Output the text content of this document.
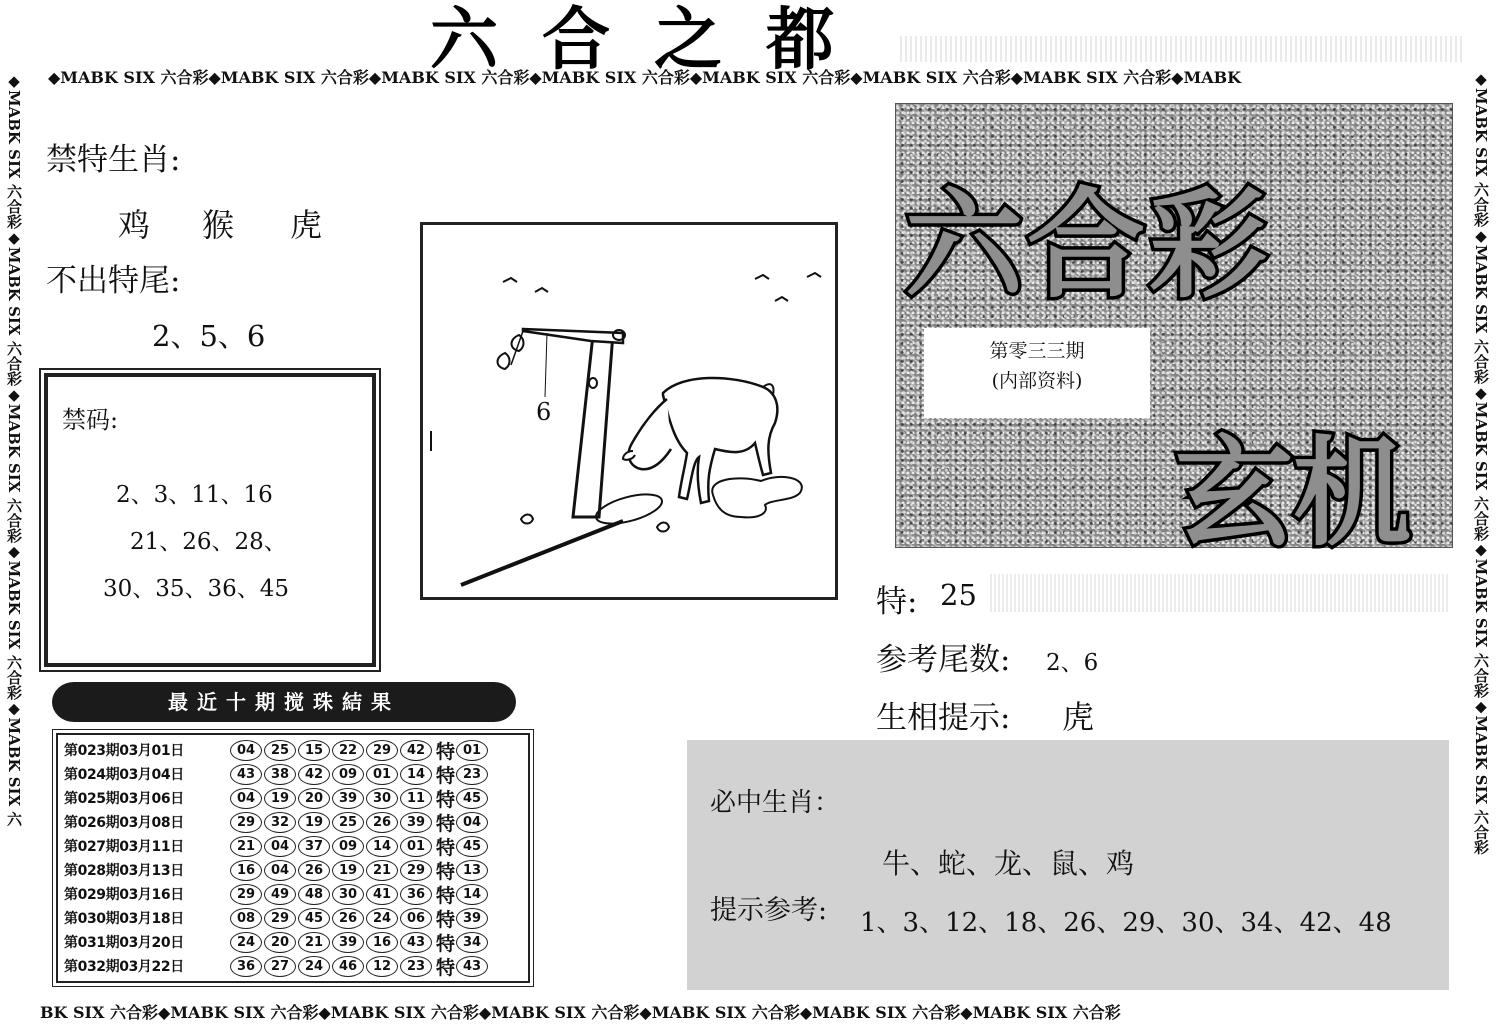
六合之都
◆MABK SIX 六合彩◆MABK SIX 六合彩◆MABK SIX 六合彩◆MABK SIX 六合彩◆MABK SIX 六合彩◆MABK SIX 六合彩◆MABK SIX 六合彩◆MABK
BK SIX 六合彩◆MABK SIX 六合彩◆MABK SIX 六合彩◆MABK SIX 六合彩◆MABK SIX 六合彩◆MABK SIX 六合彩◆MABK SIX 六合彩
◆MABK SIX 六合彩◆MABK SIX 六合彩◆MABK SIX 六合彩◆MABK SIX 六合彩◆MABK SIX 六	◆MABK SIX 六合彩◆MABK SIX 六合彩◆MABK SIX 六合彩◆MABK SIX 六合彩◆MABK SIX 六合彩
禁特生肖:
鸡 猴 虎
不出特尾:
2、5、6
禁码:
2、3、11、16
21、26、28、
30、35、36、45
6
六合彩
第零三三期
(内部资料)
玄机
特: 25
参考尾数: 2、6
生相提示: 虎
必中生肖：
牛、蛇、龙、鼠、鸡
提示参考: 1、3、12、18、26、29、30、34、42、48
最近十期搅珠結果
第023期03月01日	04	25	15	22	29	42 特 01
第024期03月04日	43	38	42	09	01	14 特 23
第025期03月06日	04	19	20	39	30	11 特 45
第026期03月08日	29	32	19	25	26	39 特 04
第027期03月11日	21	04	37	09	14	01 特 45
第028期03月13日	16	04	26	19	21	29 特 13
第029期03月16日	29	49	48	30	41	36 特 14
第030期03月18日	08	29	45	26	24	06 特 39
第031期03月20日	24	20	21	39	16	43 特 34
第032期03月22日	36	27	24	46	12	23 特 43
